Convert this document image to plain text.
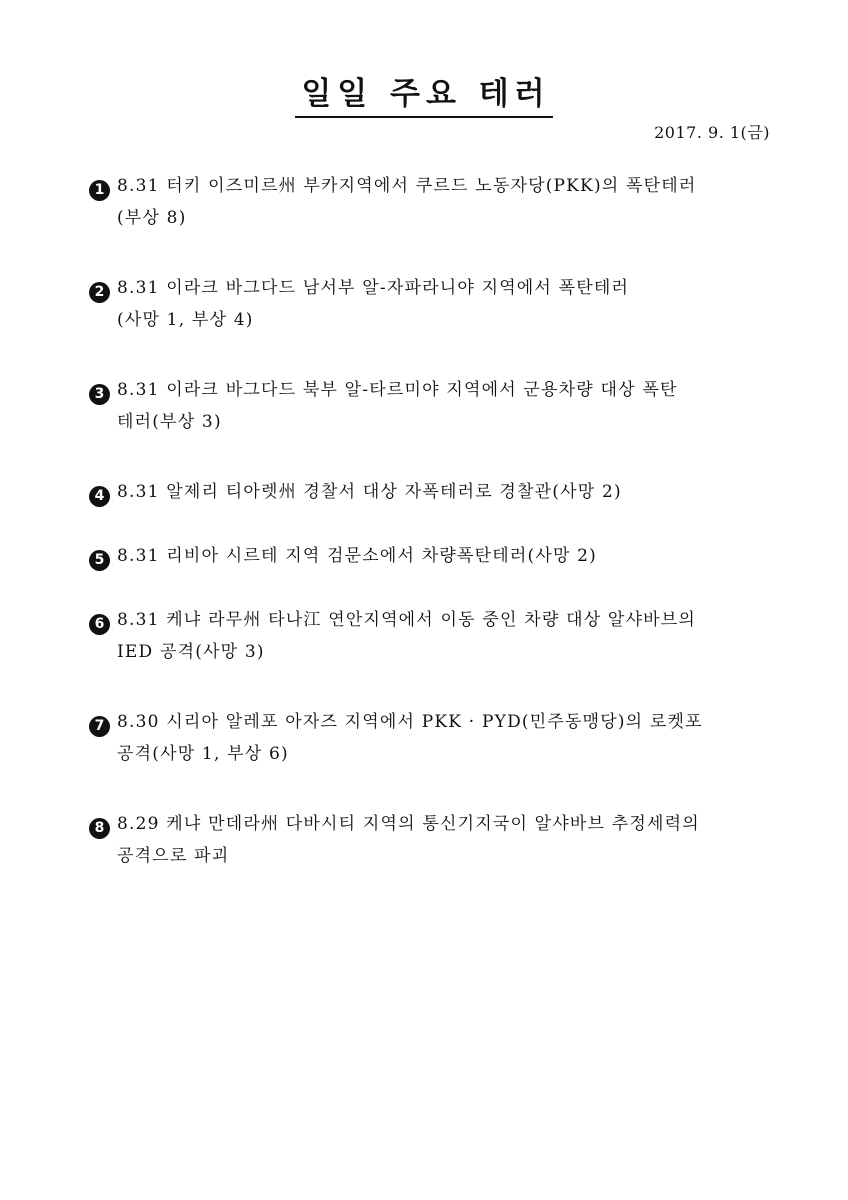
일일 주요 테러
2017. 9. 1(금)
1 8.31 터키 이즈미르州 부카지역에서 쿠르드 노동자당(PKK)의 폭탄테러
(부상 8)
2 8.31 이라크 바그다드 남서부 알-자파라니야 지역에서 폭탄테러
(사망 1, 부상 4)
3 8.31 이라크 바그다드 북부 알-타르미야 지역에서 군용차량 대상 폭탄
테러(부상 3)
4 8.31 알제리 티아렛州 경찰서 대상 자폭테러로 경찰관(사망 2)
5 8.31 리비아 시르테 지역 검문소에서 차량폭탄테러(사망 2)
6 8.31 케냐 라무州 타나江 연안지역에서 이동 중인 차량 대상 알샤바브의
IED 공격(사망 3)
7 8.30 시리아 알레포 아자즈 지역에서 PKK · PYD(민주동맹당)의 로켓포
공격(사망 1, 부상 6)
8 8.29 케냐 만데라州 다바시티 지역의 통신기지국이 알샤바브 추정세력의
공격으로 파괴
